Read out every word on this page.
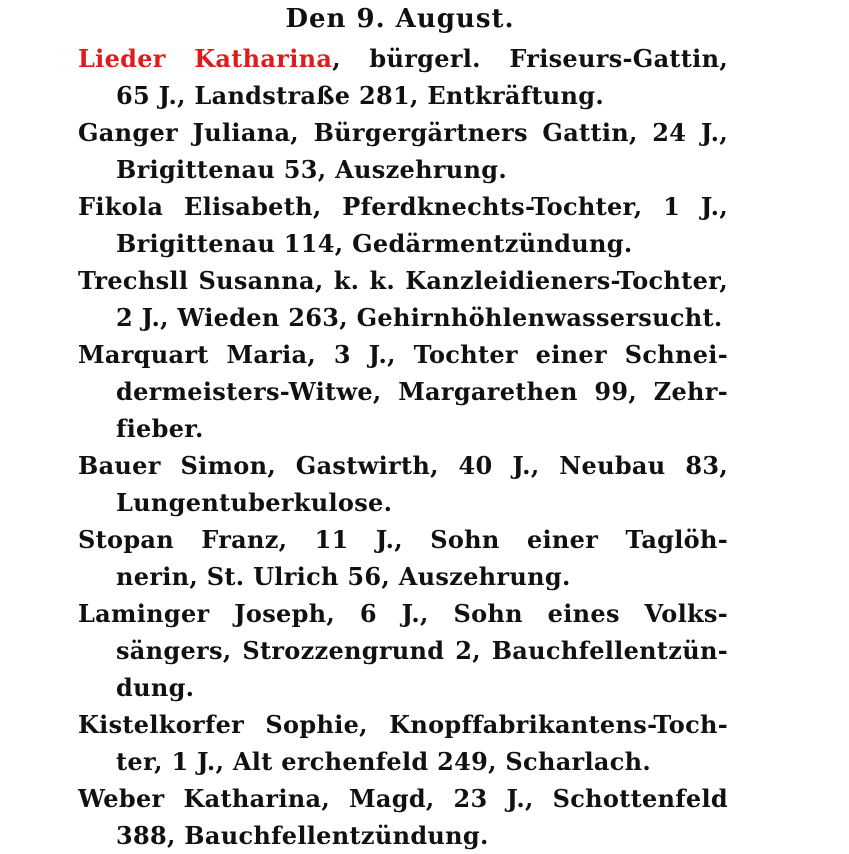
Den 9. August.
Lieder Katharina, bürgerl. Friseurs-Gattin,
65 J., Landstraße 281, Entkräftung.
Ganger Juliana, Bürgergärtners Gattin, 24 J.,
Brigittenau 53, Auszehrung.
Fikola Elisabeth, Pferdknechts-Tochter, 1 J.,
Brigittenau 114, Gedärmentzündung.
Trechsll Susanna, k. k. Kanzleidieners-Tochter,
2 J., Wieden 263, Gehirnhöhlenwassersucht.
Marquart Maria, 3 J., Tochter einer Schnei-
dermeisters-Witwe, Margarethen 99, Zehr-
fieber.
Bauer Simon, Gastwirth, 40 J., Neubau 83,
Lungentuberkulose.
Stopan Franz, 11 J., Sohn einer Taglöh-
nerin, St. Ulrich 56, Auszehrung.
Laminger Joseph, 6 J., Sohn eines Volks-
sängers, Strozzengrund 2, Bauchfellentzün-
dung.
Kistelkorfer Sophie, Knopffabrikantens-Toch-
ter, 1 J., Alt erchenfeld 249, Scharlach.
Weber Katharina, Magd, 23 J., Schottenfeld
388, Bauchfellentzündung.
